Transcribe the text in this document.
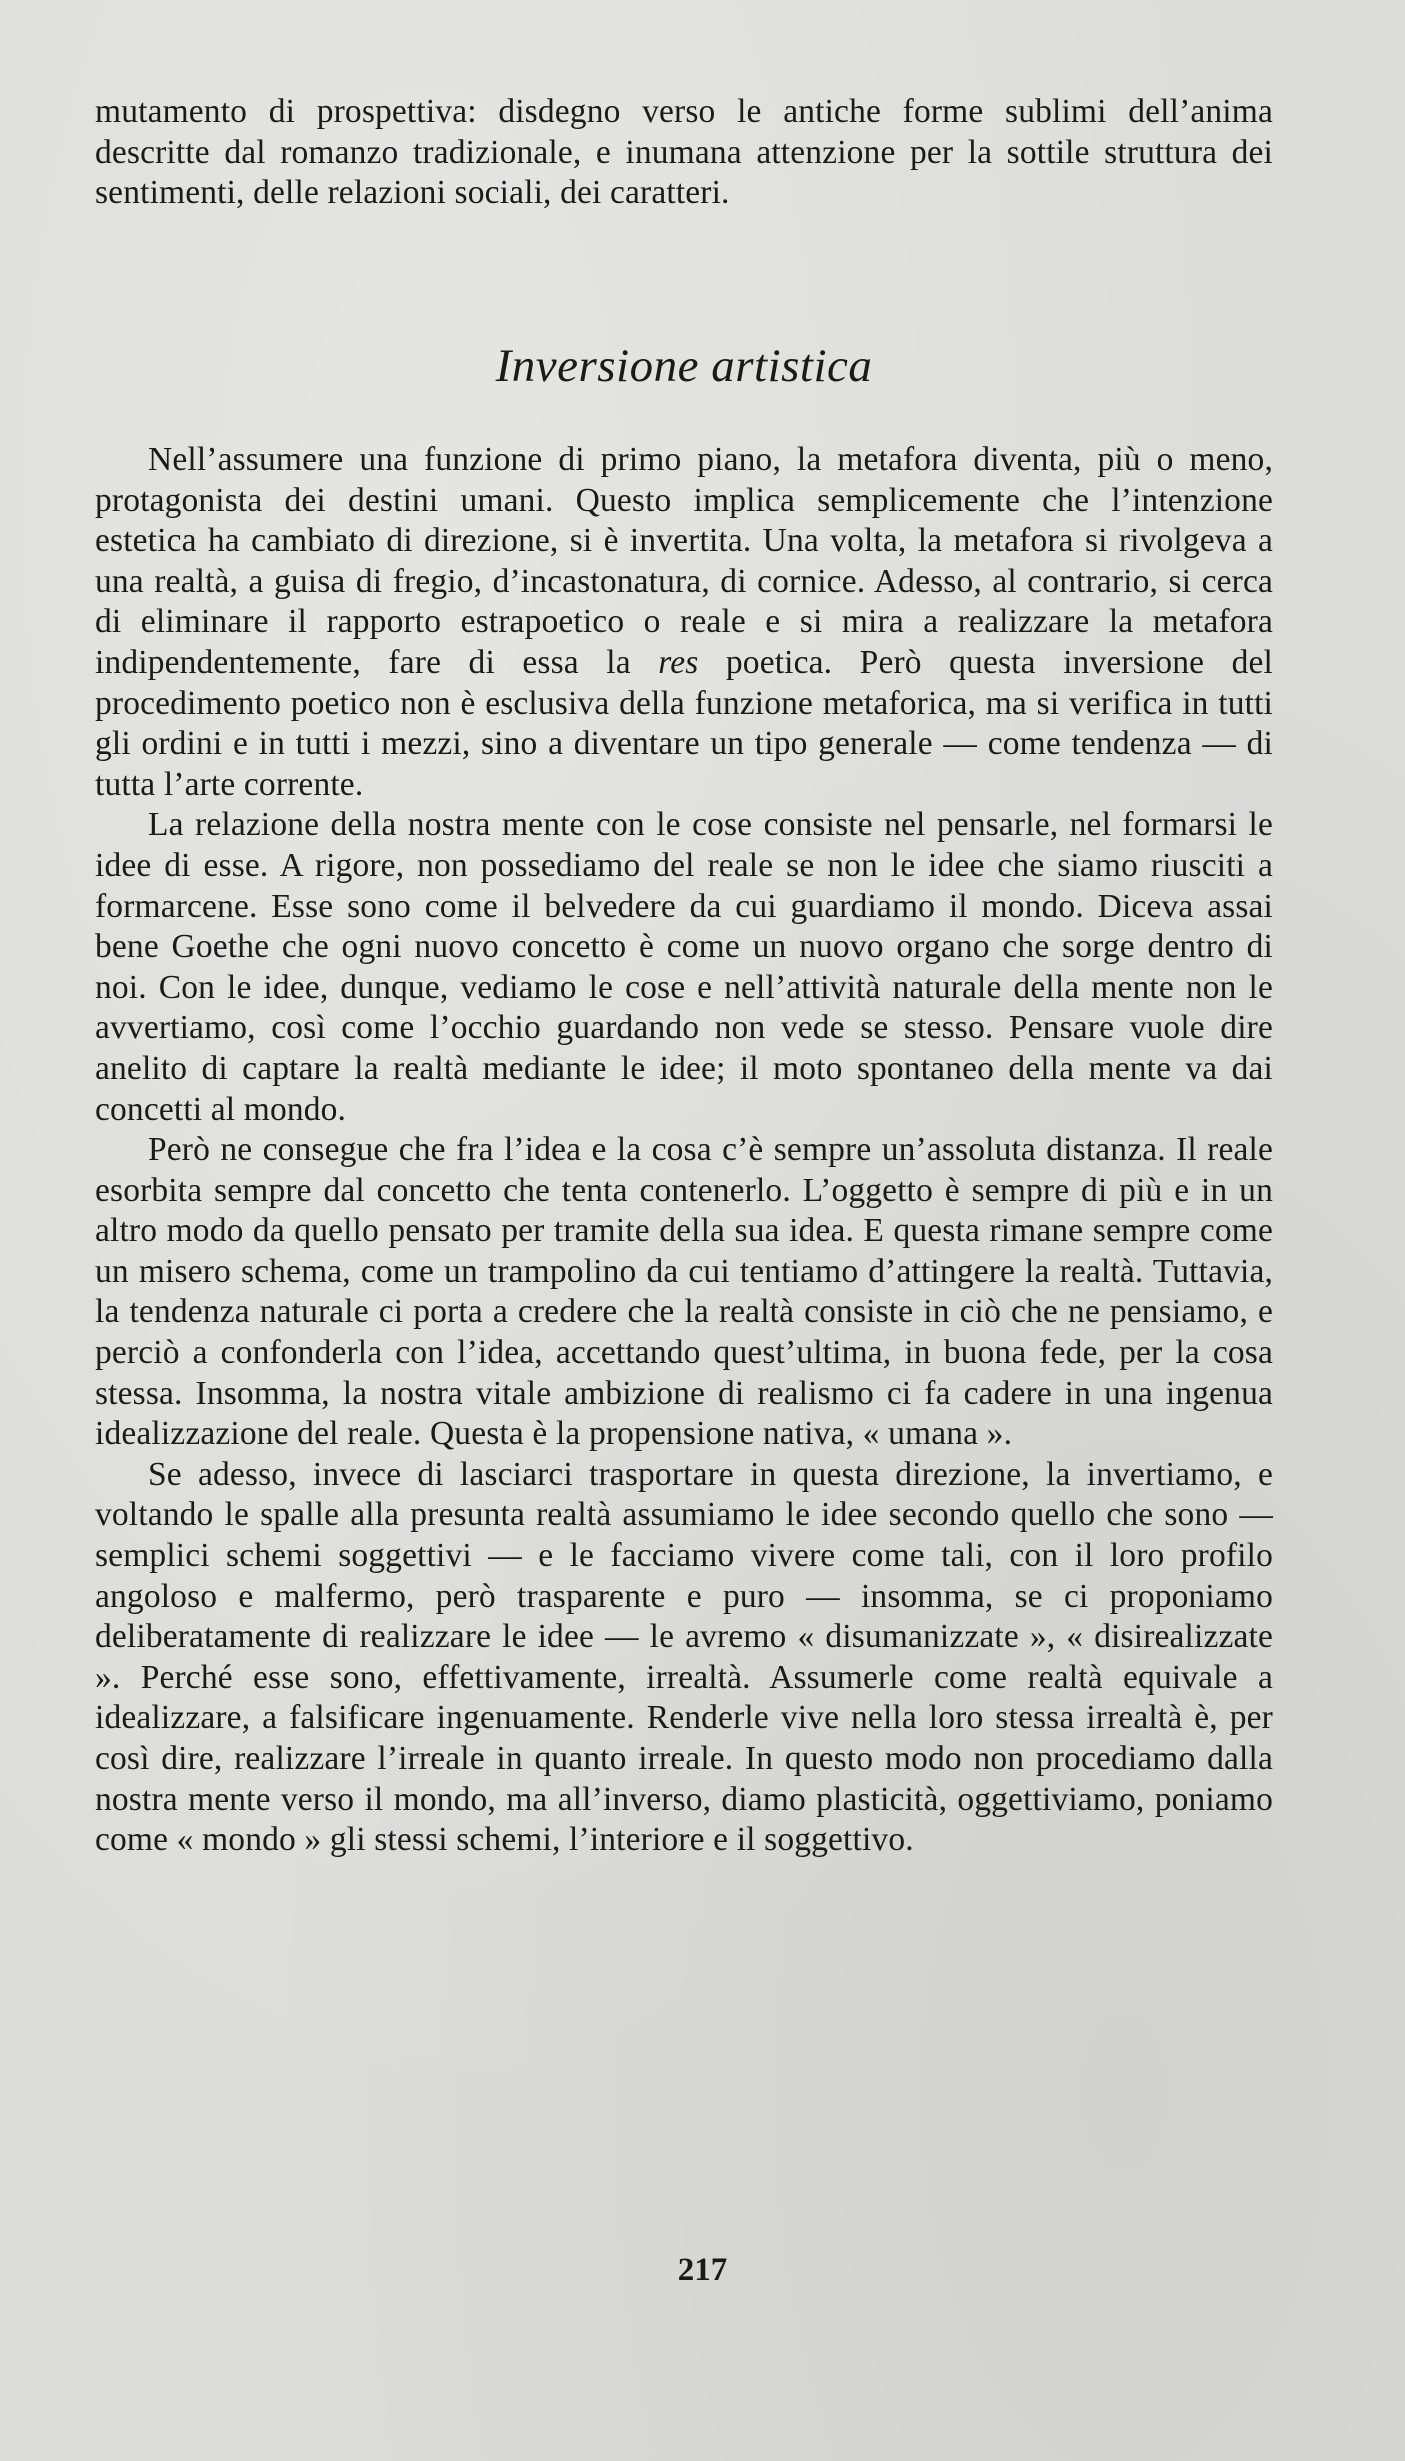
mutamento di prospettiva: disdegno verso le antiche forme sublimi dell’anima descritte dal romanzo tradizionale, e inumana attenzione per la sottile struttura dei sentimenti, delle relazioni sociali, dei caratteri.

Inversione artistica

Nell’assumere una funzione di primo piano, la metafora diventa, più o meno, protagonista dei destini umani. Questo implica semplicemente che l’intenzione estetica ha cambiato di direzione, si è invertita. Una volta, la metafora si rivolgeva a una realtà, a guisa di fregio, d’incastonatura, di cornice. Adesso, al contrario, si cerca di eliminare il rapporto estrapoetico o reale e si mira a realizzare la metafora indipendentemente, fare di essa la res poetica. Però questa inversione del procedimento poetico non è esclusiva della funzione metaforica, ma si verifica in tutti gli ordini e in tutti i mezzi, sino a diventare un tipo generale — come tendenza — di tutta l’arte corrente.

La relazione della nostra mente con le cose consiste nel pensarle, nel formarsi le idee di esse. A rigore, non possediamo del reale se non le idee che siamo riusciti a formarcene. Esse sono come il belvedere da cui guardiamo il mondo. Diceva assai bene Goethe che ogni nuovo concetto è come un nuovo organo che sorge dentro di noi. Con le idee, dunque, vediamo le cose e nell’attività naturale della mente non le avvertiamo, così come l’occhio guardando non vede se stesso. Pensare vuole dire anelito di captare la realtà mediante le idee; il moto spontaneo della mente va dai concetti al mondo.

Però ne consegue che fra l’idea e la cosa c’è sempre un’assoluta distanza. Il reale esorbita sempre dal concetto che tenta contenerlo. L’oggetto è sempre di più e in un altro modo da quello pensato per tramite della sua idea. E questa rimane sempre come un misero schema, come un trampolino da cui tentiamo d’attingere la realtà. Tuttavia, la tendenza naturale ci porta a credere che la realtà consiste in ciò che ne pensiamo, e perciò a confonderla con l’idea, accettando quest’ultima, in buona fede, per la cosa stessa. Insomma, la nostra vitale ambizione di realismo ci fa cadere in una ingenua idealizzazione del reale. Questa è la propensione nativa, « umana ».

Se adesso, invece di lasciarci trasportare in questa direzione, la invertiamo, e voltando le spalle alla presunta realtà assumiamo le idee secondo quello che sono — semplici schemi soggettivi — e le facciamo vivere come tali, con il loro profilo angoloso e malfermo, però trasparente e puro — insomma, se ci proponiamo deliberatamente di realizzare le idee — le avremo « disumanizzate », « disirealizzate ». Perché esse sono, effettivamente, irrealtà. Assumerle come realtà equivale a idealizzare, a falsificare ingenuamente. Renderle vive nella loro stessa irrealtà è, per così dire, realizzare l’irreale in quanto irreale. In questo modo non procediamo dalla nostra mente verso il mondo, ma all’inverso, diamo plasticità, oggettiviamo, poniamo come « mondo » gli stessi schemi, l’interiore e il soggettivo.

217
